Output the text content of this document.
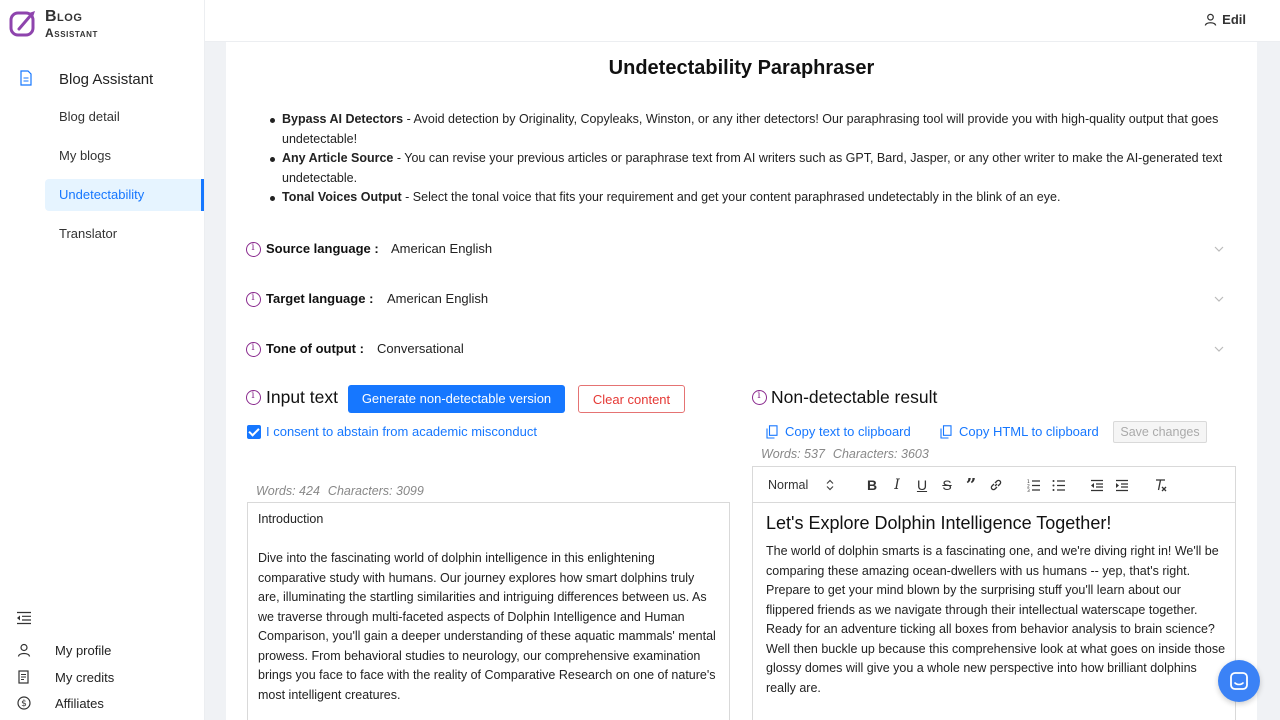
Blog
Assistant
Blog Assistant
Blog detail
My blogs
Undetectability
Translator
My profile
My credits
$ Affiliates
Edil
Undetectability Paraphraser
Bypass AI Detectors - Avoid detection by Originality, Copyleaks, Winston, or any ither detectors! Our paraphrasing tool will provide you with high-quality output that goes undetectable!
Any Article Source - You can revise your previous articles or paraphrase text from AI writers such as GPT, Bard, Jasper, or any other writer to make the AI-generated text undetectable.
Tonal Voices Output - Select the tonal voice that fits your requirement and get your content paraphrased undetectably in the blink of an eye.
i
Source language : American English
i
Target language : American English
i
Tone of output : Conversational
i
Input text	Generate non-detectable version	Clear content
I consent to abstain from academic misconduct
Words: 424 Characters: 3099

Introduction

Dive into the fascinating world of dolphin intelligence in this enlightening comparative study with humans. Our journey explores how smart dolphins truly are, illuminating the startling similarities and intriguing differences between us. As we traverse through multi-faceted aspects of Dolphin Intelligence and Human Comparison, you'll gain a deeper understanding of these aquatic mammals' mental prowess. From behavioral studies to neurology, our comprehensive examination brings you face to face with the reality of Comparative Research on one of nature's most intelligent creatures.

i
Non-detectable result
Copy text to clipboard	Copy HTML to clipboard	Save changes
Words: 537 Characters: 3603
Normal	B	I	U	S ”	1
2
3
Let's Explore Dolphin Intelligence Together!
The world of dolphin smarts is a fascinating one, and we're diving right in! We'll be comparing these amazing ocean-dwellers with us humans -- yep, that's right. Prepare to get your mind blown by the surprising stuff you'll learn about our flippered friends as we navigate through their intellectual waterscape together. Ready for an adventure ticking all boxes from behavior analysis to brain science? Well then buckle up because this comprehensive look at what goes on inside those glossy domes will give you a whole new perspective into how brilliant dolphins really are.
